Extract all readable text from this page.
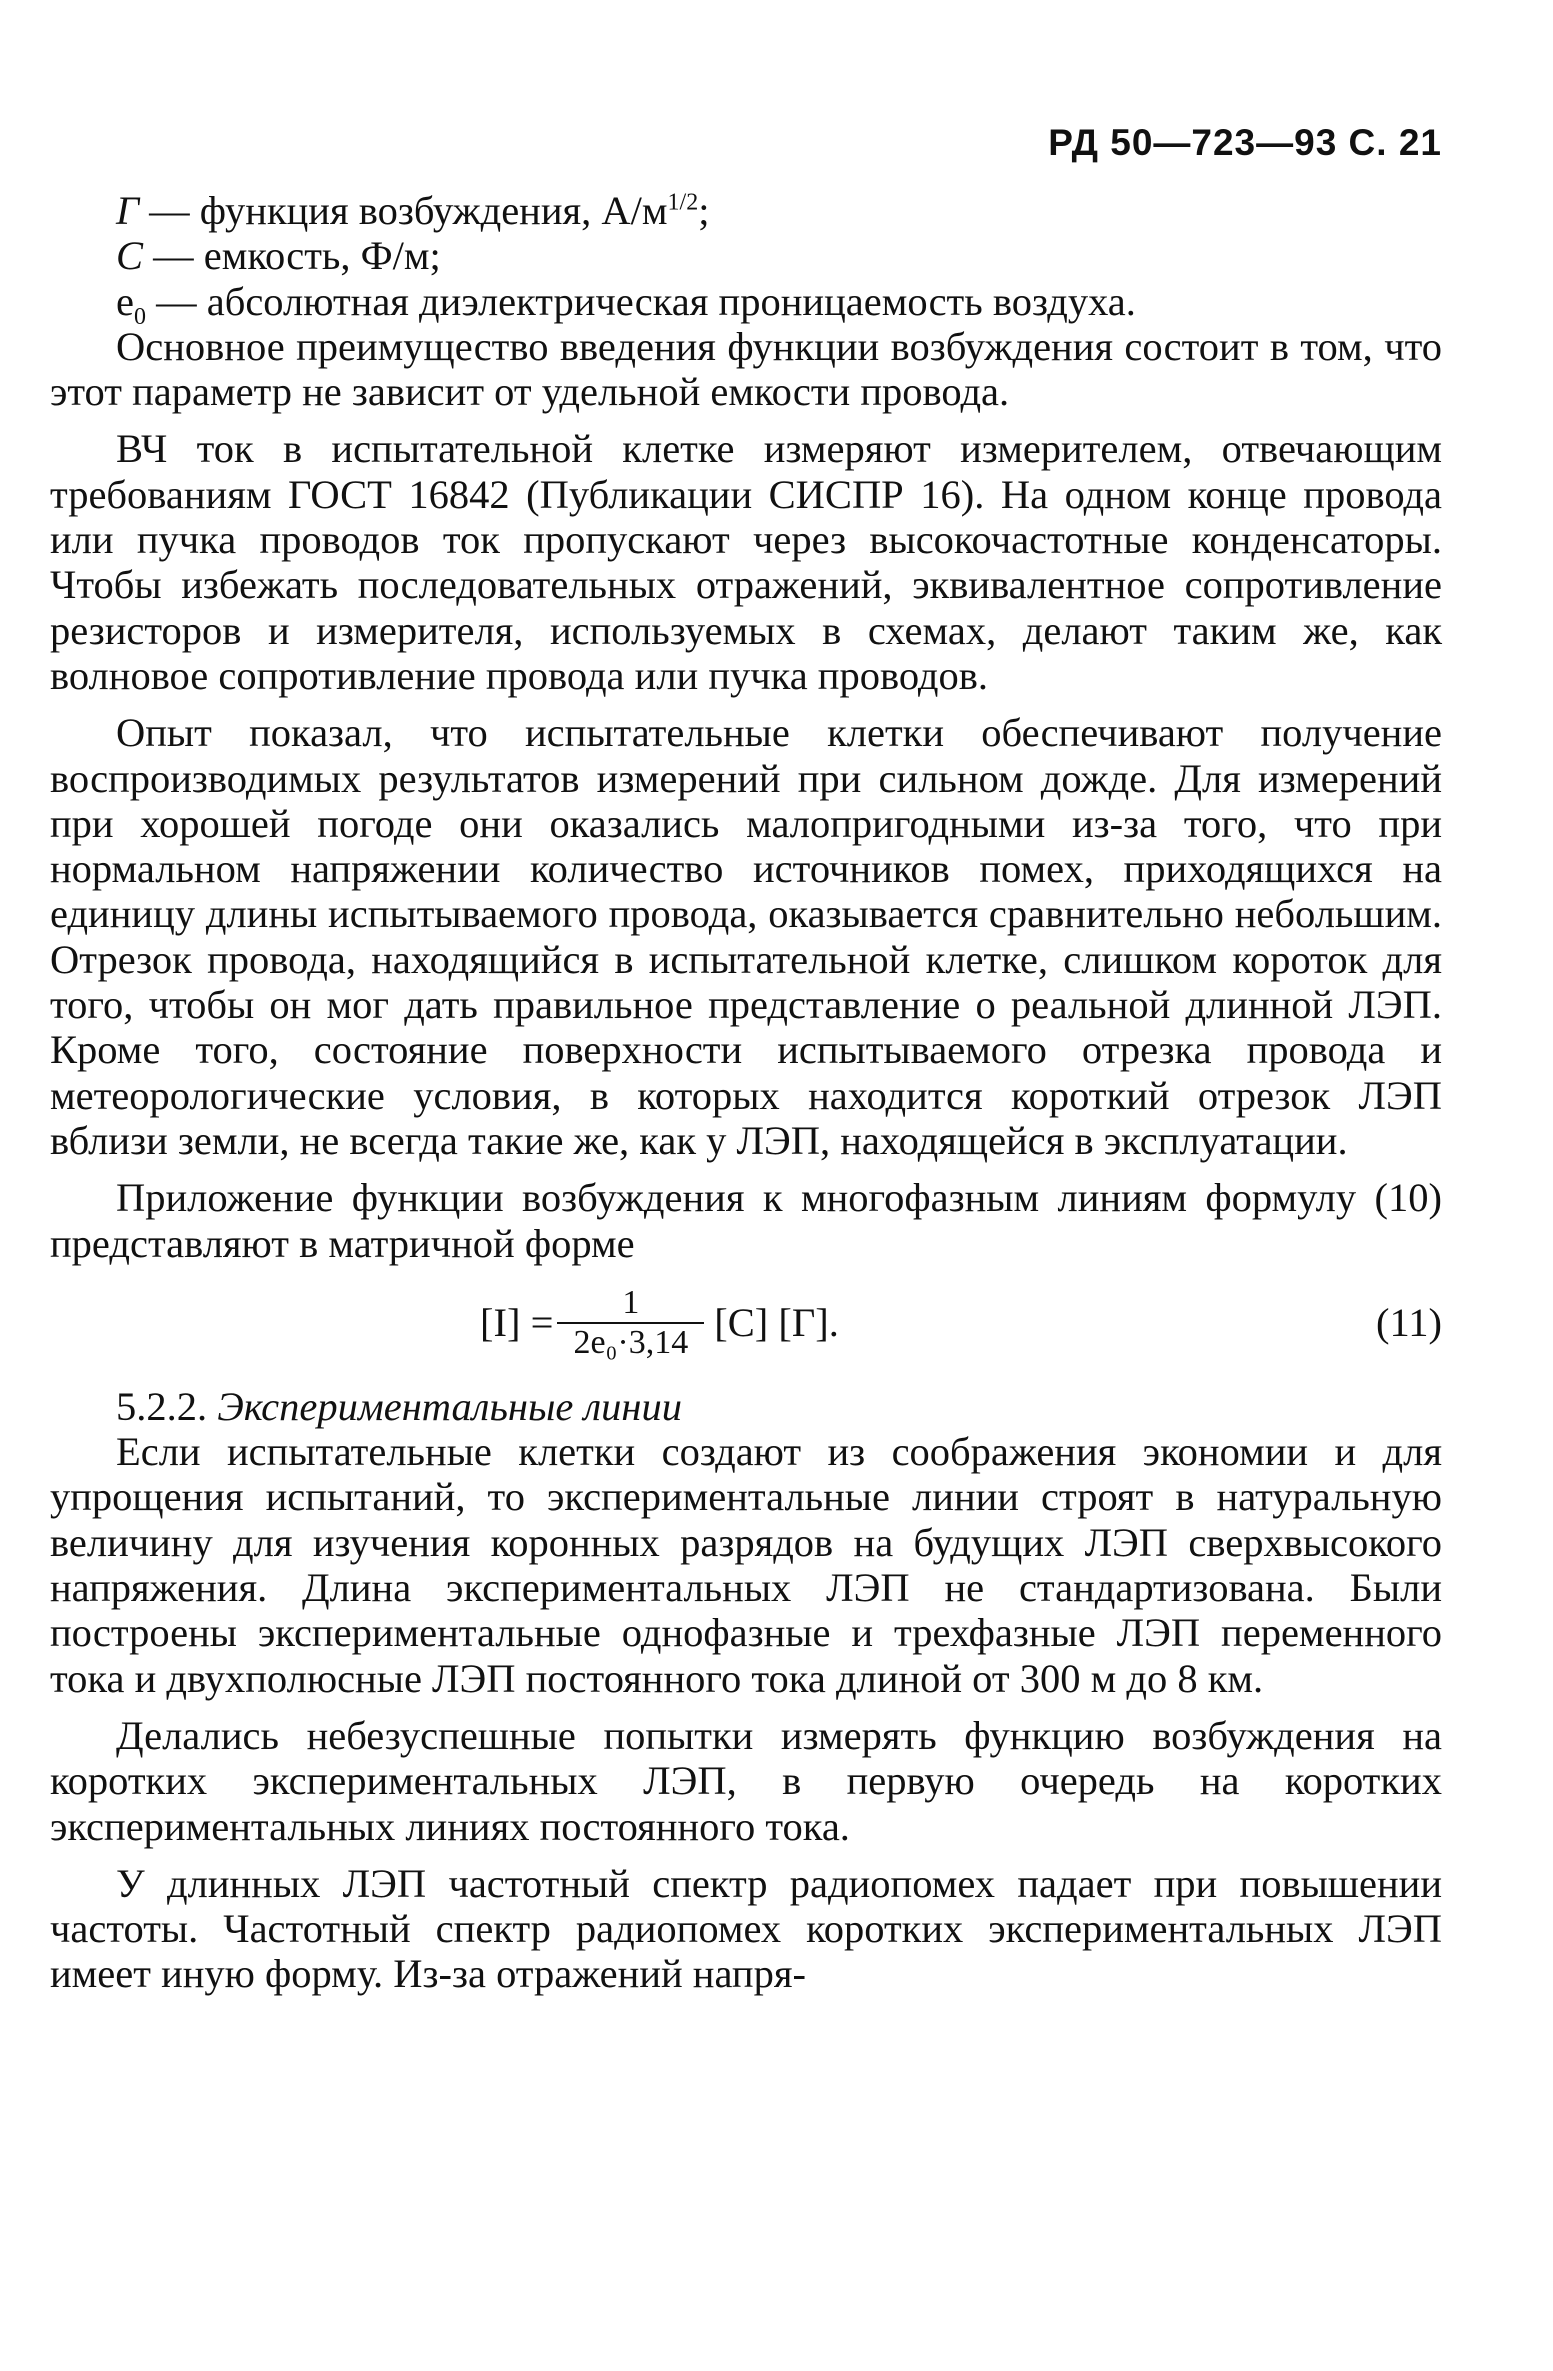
РД 50—723—93 С. 21

Г — функция возбуждения, $А/м^{1/2}$;

С — емкость, Ф/м;

$e_0$ — абсолютная диэлектрическая проницаемость воздуха.

Основное преимущество введения функции возбуждения состоит в том, что этот параметр не зависит от удельной емкости провода.

ВЧ ток в испытательной клетке измеряют измерителем, отвечающим требованиям ГОСТ 16842 (Публикации СИСПР 16). На одном конце провода или пучка проводов ток пропускают через высокочастотные конденсаторы. Чтобы избежать последовательных отражений, эквивалентное сопротивление резисторов и измерителя, используемых в схемах, делают таким же, как волновое сопротивление провода или пучка проводов.

Опыт показал, что испытательные клетки обеспечивают получение воспроизводимых результатов измерений при сильном дожде. Для измерений при хорошей погоде они оказались малопригодными из-за того, что при нормальном напряжении количество источников помех, приходящихся на единицу длины испытываемого провода, оказывается сравнительно небольшим. Отрезок провода, находящийся в испытательной клетке, слишком короток для того, чтобы он мог дать правильное представление о реальной длинной ЛЭП. Кроме того, состояние поверхности испытываемого отрезка провода и метеорологические условия, в которых находится короткий отрезок ЛЭП вблизи земли, не всегда такие же, как у ЛЭП, находящейся в эксплуатации.

Приложение функции возбуждения к многофазным линиям формулу (10) представляют в матричной форме

$[I] = \frac{1}{\text{2e₀·3,14}} [C]$ [Г].	(11)

5.2.2. Экспериментальные линии

Если испытательные клетки создают из соображения экономии и для упрощения испытаний, то экспериментальные линии строят в натуральную величину для изучения коронных разрядов на будущих ЛЭП сверхвысокого напряжения. Длина экспериментальных ЛЭП не стандартизована. Были построены экспериментальные однофазные и трехфазные ЛЭП переменного тока и двухполюсные ЛЭП постоянного тока длиной от 300 м до 8 км.

Делались небезуспешные попытки измерять функцию возбуждения на коротких экспериментальных ЛЭП, в первую очередь на коротких экспериментальных линиях постоянного тока.

У длинных ЛЭП частотный спектр радиопомех падает при повышении частоты. Частотный спектр радиопомех коротких экспериментальных ЛЭП имеет иную форму. Из-за отражений напря-
